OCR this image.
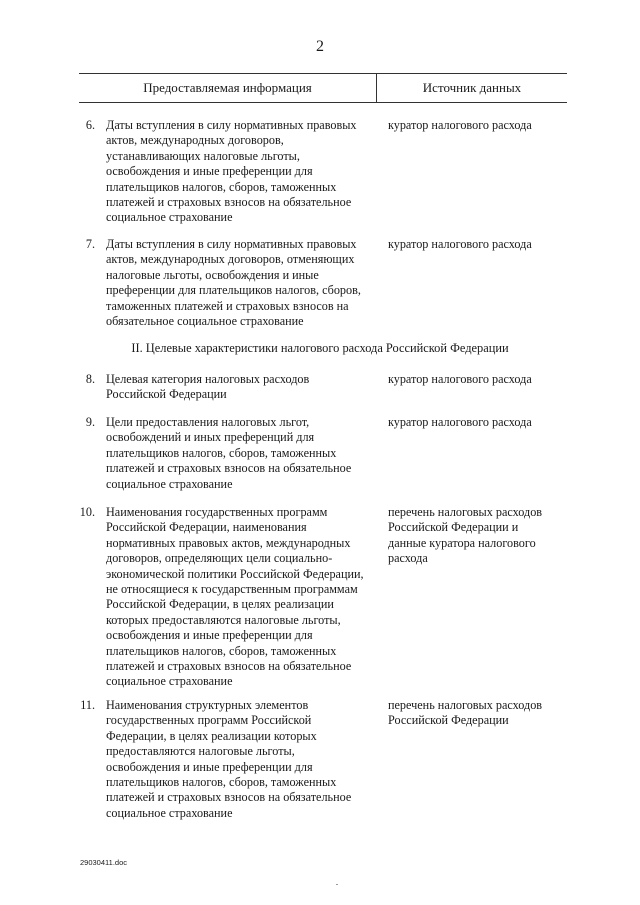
2
Предоставляемая информация	Источник данных
6. Даты вступления в силу нормативных правовых
актов, международных договоров,
устанавливающих налоговые льготы,
освобождения и иные преференции для
плательщиков налогов, сборов, таможенных
платежей и страховых взносов на обязательное
социальное страхование
куратор налогового расхода
7. Даты вступления в силу нормативных правовых
актов, международных договоров, отменяющих
налоговые льготы, освобождения и иные
преференции для плательщиков налогов, сборов,
таможенных платежей и страховых взносов на
обязательное социальное страхование
куратор налогового расхода
II. Целевые характеристики налогового расхода Российской Федерации
8. Целевая категория налоговых расходов
Российской Федерации
куратор налогового расхода
9. Цели предоставления налоговых льгот,
освобождений и иных преференций для
плательщиков налогов, сборов, таможенных
платежей и страховых взносов на обязательное
социальное страхование
куратор налогового расхода
10. Наименования государственных программ
Российской Федерации, наименования
нормативных правовых актов, международных
договоров, определяющих цели социально-
экономической политики Российской Федерации,
не относящиеся к государственным программам
Российской Федерации, в целях реализации
которых предоставляются налоговые льготы,
освобождения и иные преференции для
плательщиков налогов, сборов, таможенных
платежей и страховых взносов на обязательное
социальное страхование
перечень налоговых расходов
Российской Федерации и
данные куратора налогового
расхода
11. Наименования структурных элементов
государственных программ Российской
Федерации, в целях реализации которых
предоставляются налоговые льготы,
освобождения и иные преференции для
плательщиков налогов, сборов, таможенных
платежей и страховых взносов на обязательное
социальное страхование
перечень налоговых расходов
Российской Федерации
29030411.doc
